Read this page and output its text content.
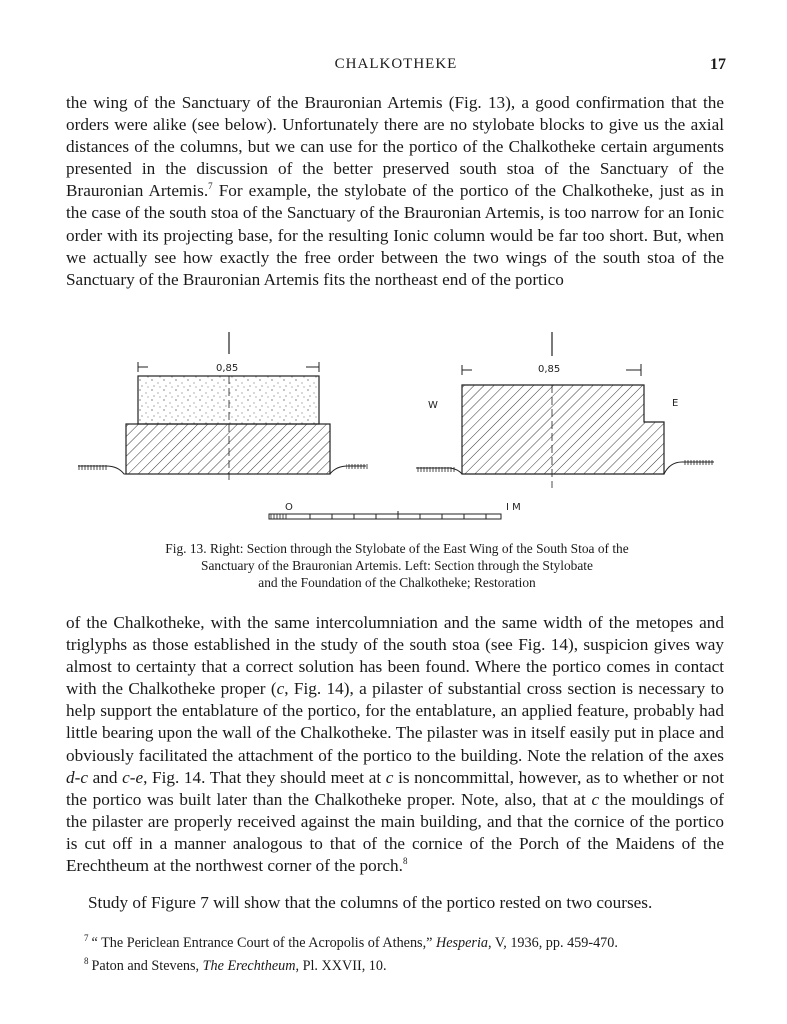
CHALKOTHEKE	17

the wing of the Sanctuary of the Brauronian Artemis (Fig. 13), a good confirmation that the orders were alike (see below). Unfortunately there are no stylobate blocks to give us the axial distances of the columns, but we can use for the portico of the Chalkotheke certain arguments presented in the discussion of the better preserved south stoa of the Sanctuary of the Brauronian Artemis.$^7$ For example, the stylobate of the portico of the Chalkotheke, just as in the case of the south stoa of the Sanctuary of the Brauronian Artemis, is too narrow for an Ionic order with its projecting base, for the resulting Ionic column would be far too short. But, when we actually see how exactly the free order between the two wings of the south stoa of the Sanctuary of the Brauronian Artemis fits the northeast end of the portico

0,85	0,85
W	E
O	I M

Fig. 13. Right: Section through the Stylobate of the East Wing of the South Stoa of the
Sanctuary of the Brauronian Artemis. Left: Section through the Stylobate
and the Foundation of the Chalkotheke; Restoration

of the Chalkotheke, with the same intercolumniation and the same width of the metopes and triglyphs as those established in the study of the south stoa (see Fig. 14), suspicion gives way almost to certainty that a correct solution has been found. Where the portico comes in contact with the Chalkotheke proper (c, Fig. 14), a pilaster of substantial cross section is necessary to help support the entablature of the portico, for the entablature, an applied feature, probably had little bearing upon the wall of the Chalkotheke. The pilaster was in itself easily put in place and obviously facilitated the attachment of the portico to the building. Note the relation of the axes d-c and c-e, Fig. 14. That they should meet at c is noncommittal, however, as to whether or not the portico was built later than the Chalkotheke proper. Note, also, that at c the mouldings of the pilaster are properly received against the main building, and that the cornice of the portico is cut off in a manner analogous to that of the cornice of the Porch of the Maidens of the Erechtheum at the northwest corner of the porch.$^8$

Study of Figure 7 will show that the columns of the portico rested on two courses.

$^7$ “ The Periclean Entrance Court of the Acropolis of Athens,” Hesperia, V, 1936, pp. 459-470.
$^8$ Paton and Stevens, The Erechtheum, Pl. XXVII, 10.
